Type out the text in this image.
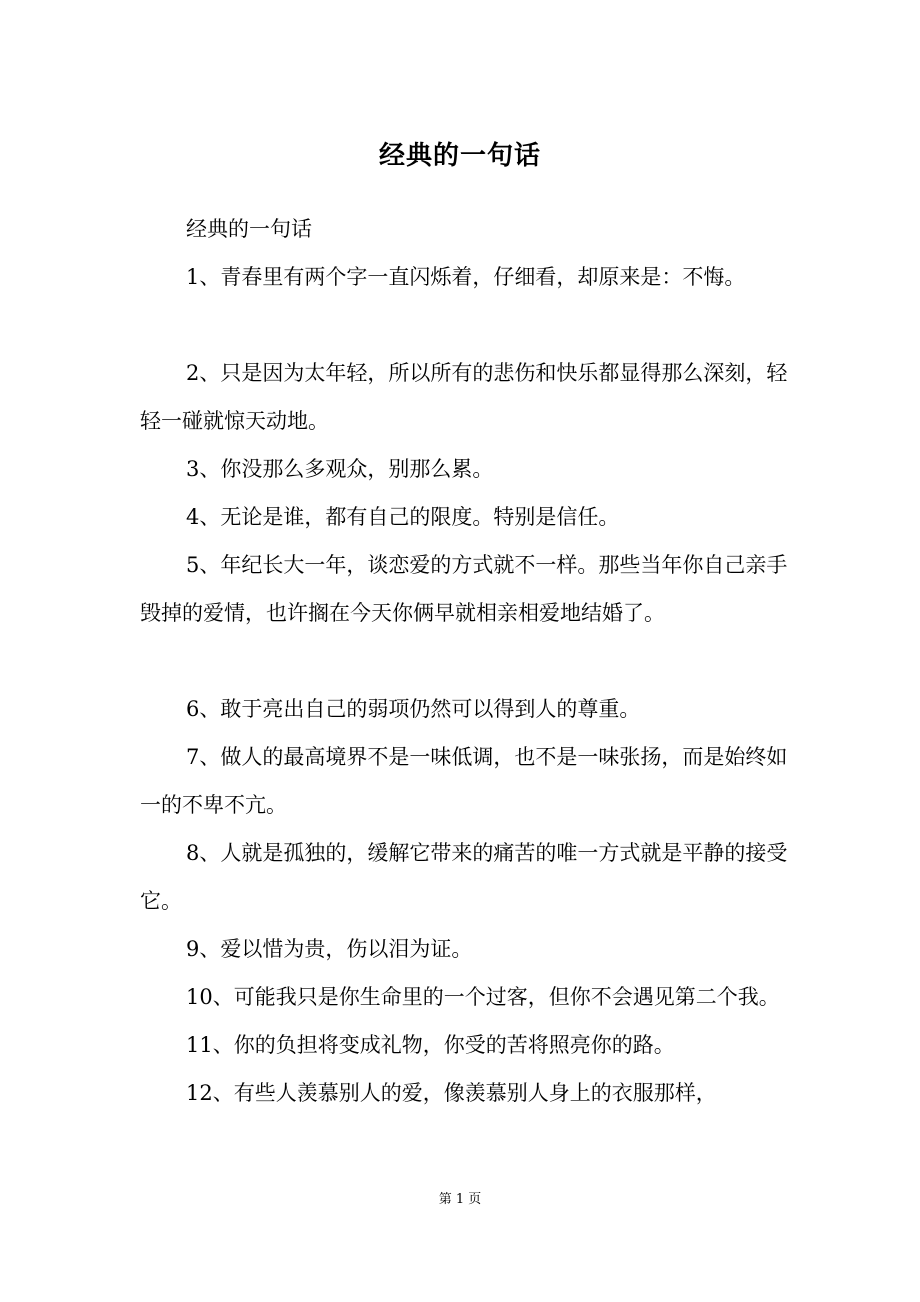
经典的一句话

经典的一句话

1、青春里有两个字一直闪烁着，仔细看，却原来是：不悔。

2、只是因为太年轻，所以所有的悲伤和快乐都显得那么深刻，轻轻一碰就惊天动地。

3、你没那么多观众，别那么累。

4、无论是谁，都有自己的限度。特别是信任。

5、年纪长大一年，谈恋爱的方式就不一样。那些当年你自己亲手毁掉的爱情，也许搁在今天你俩早就相亲相爱地结婚了。

6、敢于亮出自己的弱项仍然可以得到人的尊重。

7、做人的最高境界不是一味低调，也不是一味张扬，而是始终如一的不卑不亢。

8、人就是孤独的，缓解它带来的痛苦的唯一方式就是平静的接受它。

9、爱以惜为贵，伤以泪为证。

10、可能我只是你生命里的一个过客，但你不会遇见第二个我。

11、你的负担将变成礼物，你受的苦将照亮你的路。

12、有些人羡慕别人的爱，像羡慕别人身上的衣服那样，

第 1 页
